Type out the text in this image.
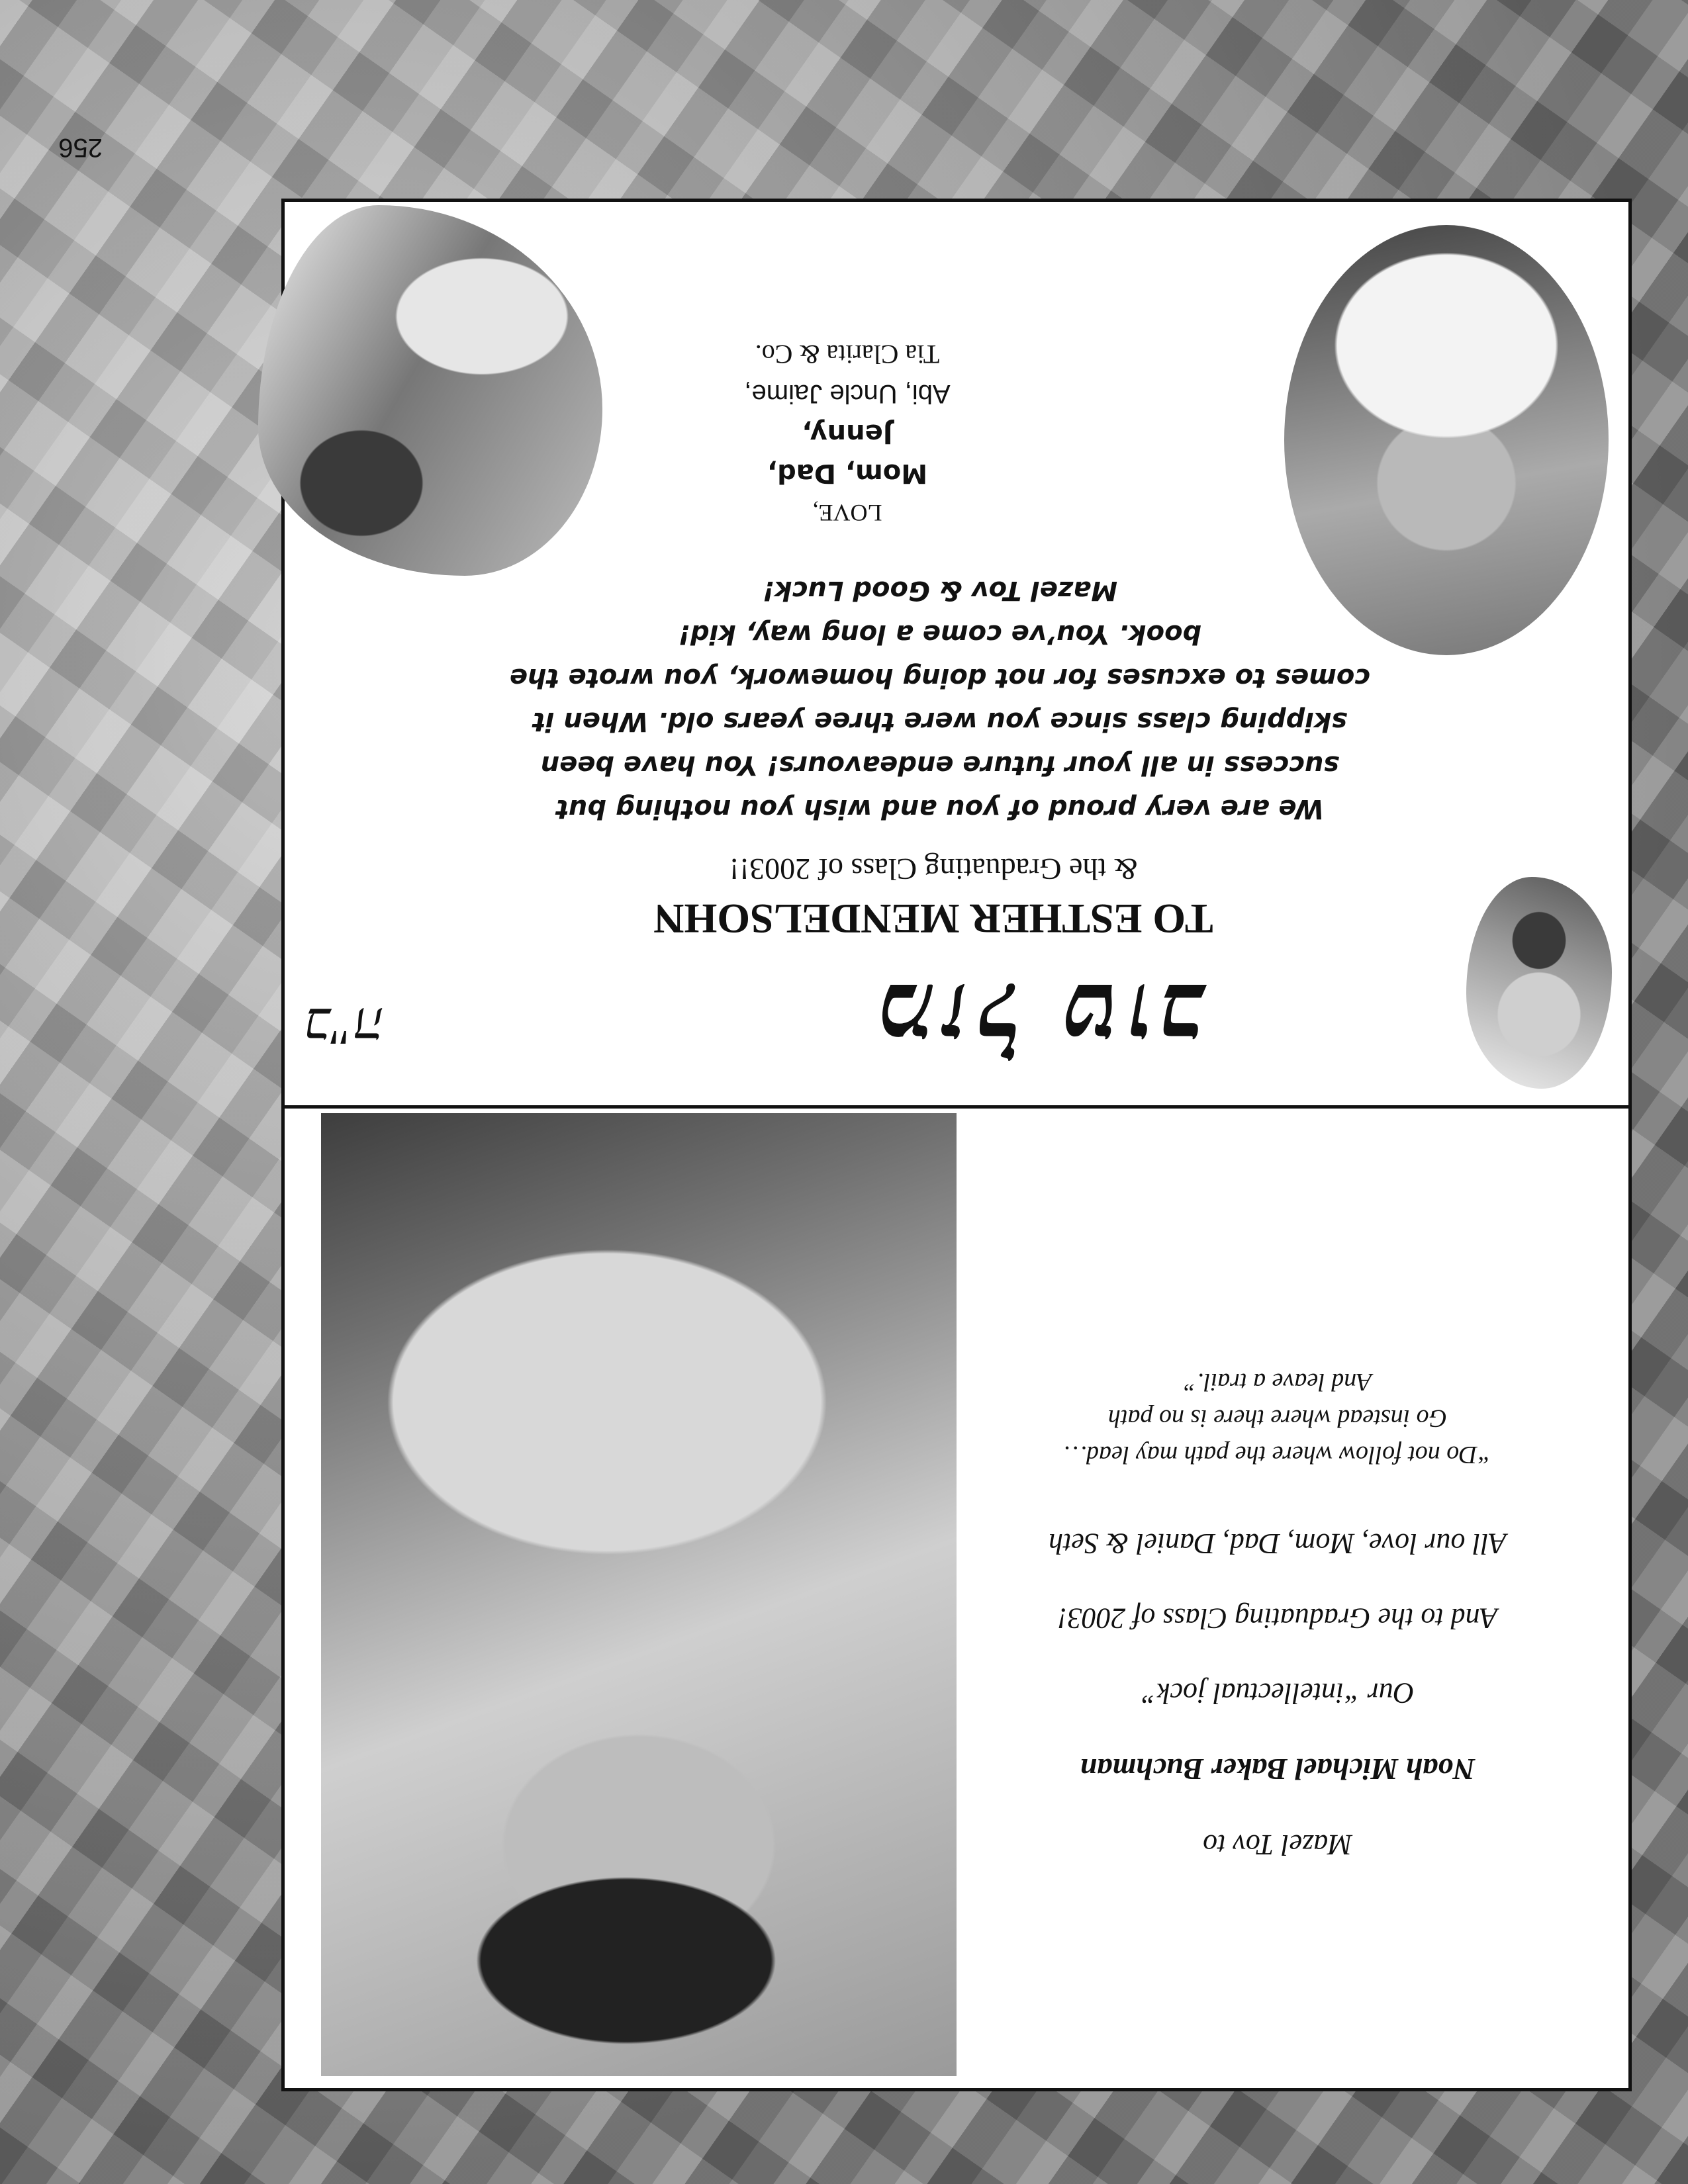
256
Mazel Tov to
Noah Michael Baker Buchman
Our “intellectual jock”
And to the Graduating Class of 2003!
All our love, Mom, Dad, Daniel & Seth
“Do not follow where the path may lead…
Go instead where there is no path
And leave a trail.”
מזל טוב
ב"ה
TO ESTHER MENDELSOHN
& the Graduating Class of 2003!!
We are very proud of you and wish you nothing but
success in all your future endeavours! You have been
skipping class since you were three years old. When it
comes to excuses for not doing homework, you wrote the
book. You’ve come a long way, kid!
Mazel Tov & Good Luck!
LOVE,
Mom, Dad,
Jenny,
Abi, Uncle Jaime,
Tia Clarita & Co.
